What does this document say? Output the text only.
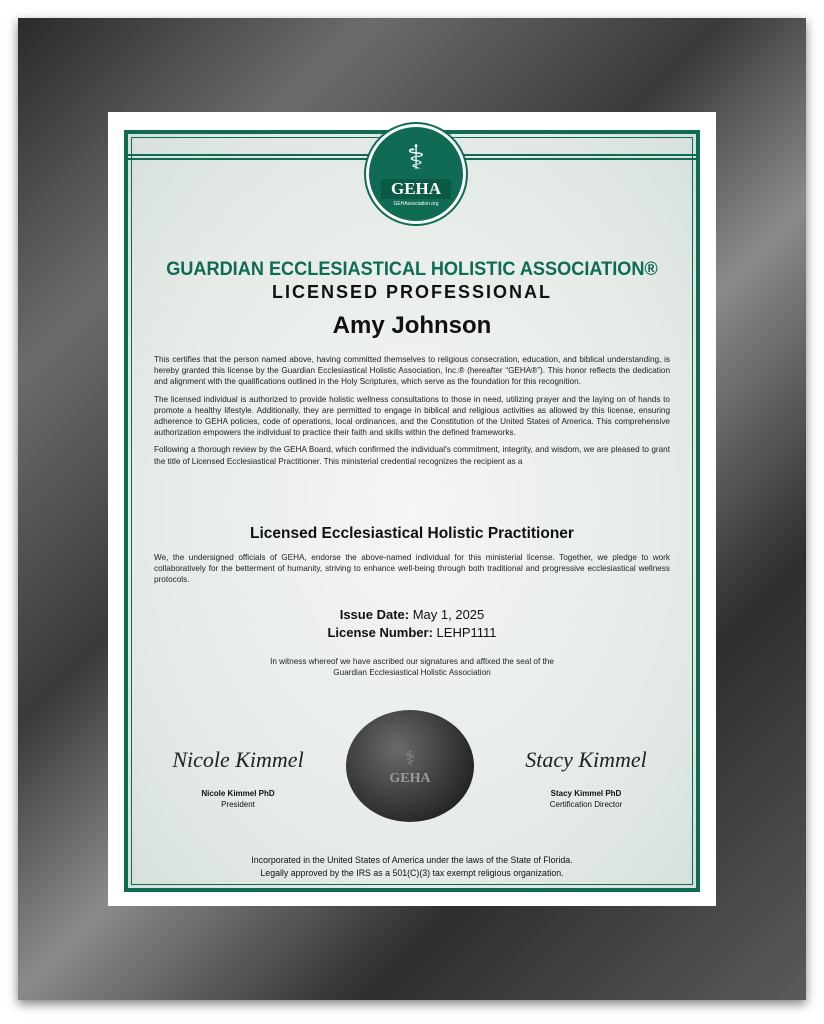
⚕
GEHA
GEHAssociation.org
GUARDIAN ECCLESIASTICAL HOLISTIC ASSOCIATION®
LICENSED PROFESSIONAL
Amy Johnson

This certifies that the person named above, having committed themselves to religious consecration, education, and biblical understanding, is hereby granted this license by the Guardian Ecclesiastical Holistic Association, Inc.® (hereafter “GEHA®”). This honor reflects the dedication and alignment with the qualifications outlined in the Holy Scriptures, which serve as the foundation for this recognition.

The licensed individual is authorized to provide holistic wellness consultations to those in need, utilizing prayer and the laying on of hands to promote a healthy lifestyle. Additionally, they are permitted to engage in biblical and religious activities as allowed by this license, ensuring adherence to GEHA policies, code of operations, local ordinances, and the Constitution of the United States of America. This comprehensive authorization empowers the individual to practice their faith and skills within the defined frameworks.

Following a thorough review by the GEHA Board, which confirmed the individual's commitment, integrity, and wisdom, we are pleased to grant the title of Licensed Ecclesiastical Practitioner. This ministerial credential recognizes the recipient as a

Licensed Ecclesiastical Holistic Practitioner
We, the undersigned officials of GEHA, endorse the above-named individual for this ministerial license. Together, we pledge to work collaboratively for the betterment of humanity, striving to enhance well-being through both traditional and progressive ecclesiastical wellness protocols.
Issue Date: May 1, 2025
License Number: LEHP1111
In witness whereof we have ascribed our signatures and affixed the seal of the
Guardian Ecclesiastical Holistic Association
Nicole Kimmel
Nicole Kimmel PhD
President
⚕
GEHA
Stacy Kimmel
Stacy Kimmel PhD
Certification Director
Incorporated in the United States of America under the laws of the State of Florida.
Legally approved by the IRS as a 501(C)(3) tax exempt religious organization.
